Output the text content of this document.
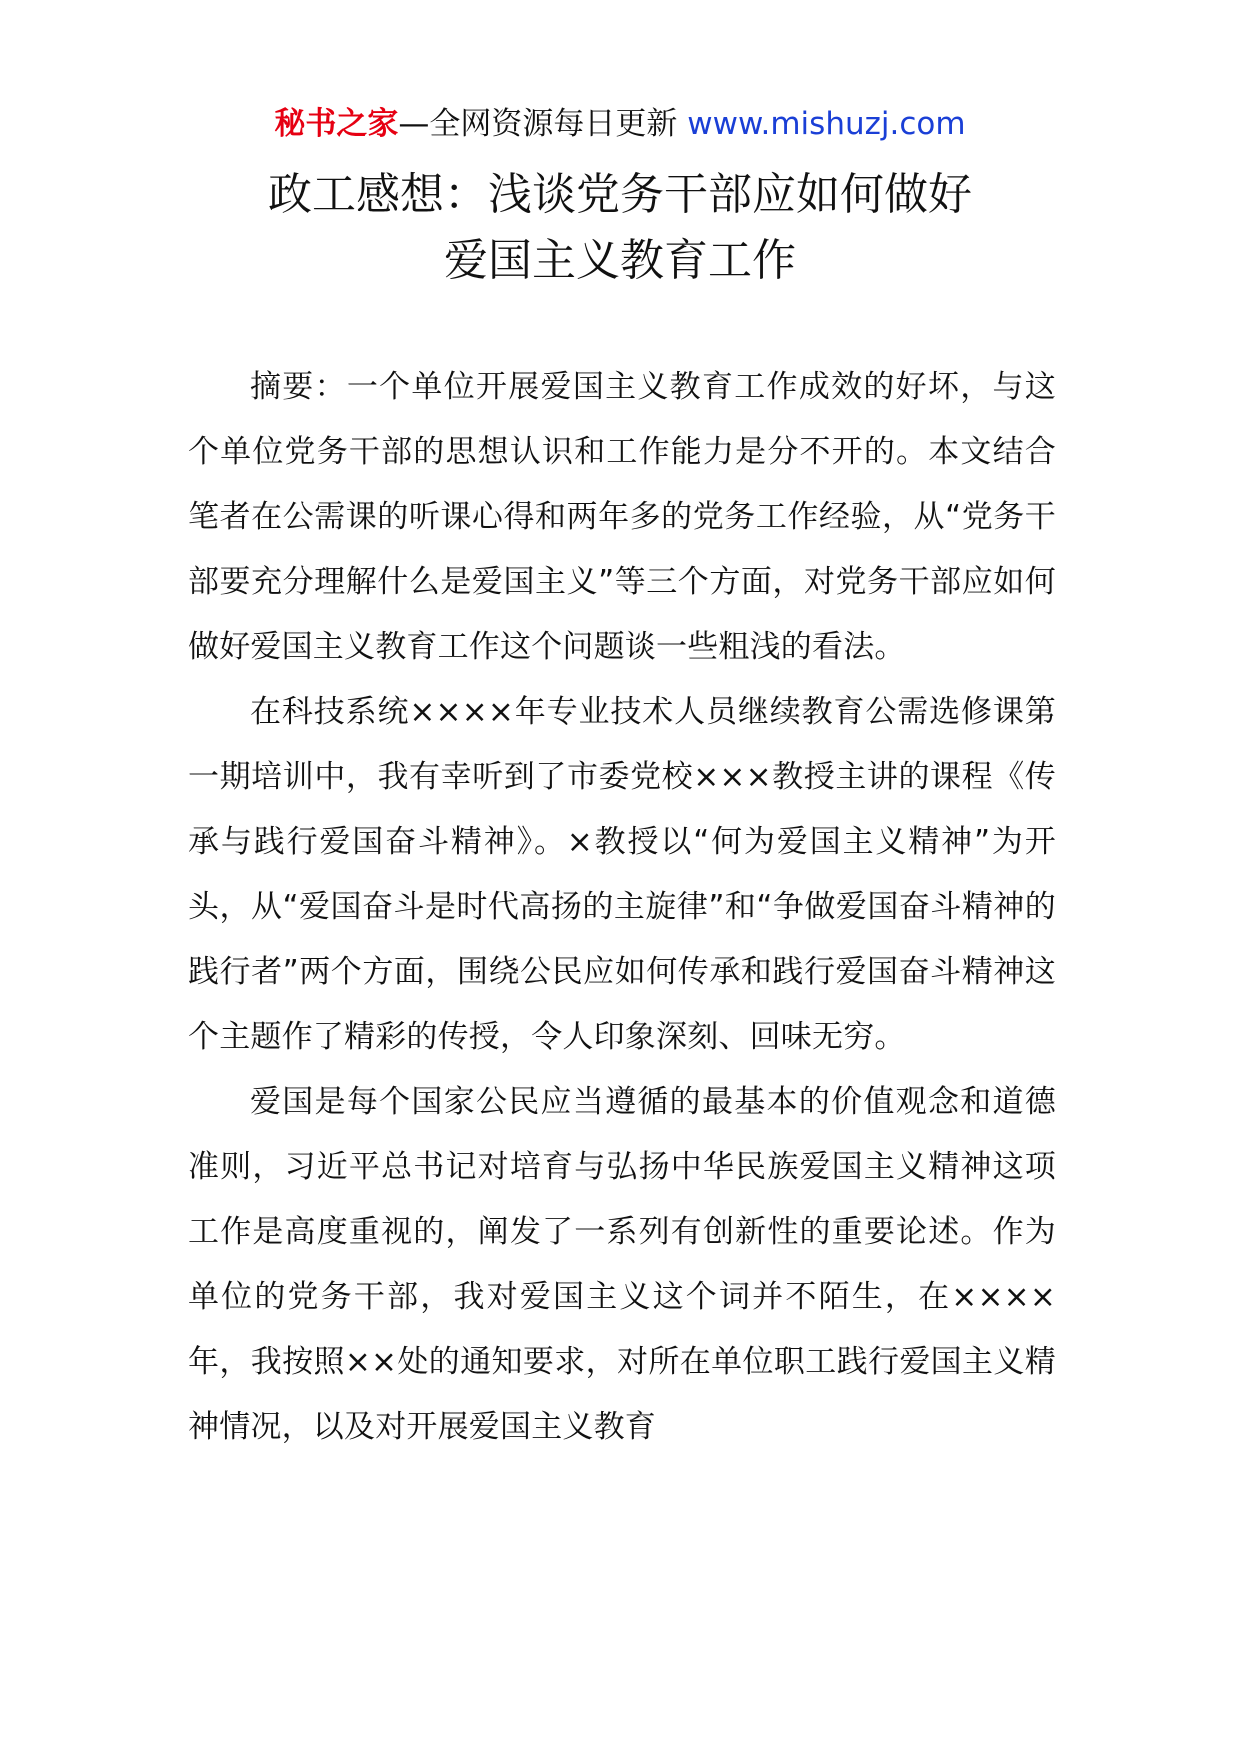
秘书之家—全网资源每日更新 www.mishuzj.com
政工感想：浅谈党务干部应如何做好
爱国主义教育工作

摘要：一个单位开展爱国主义教育工作成效的好坏，与这个单位党务干部的思想认识和工作能力是分不开的。本文结合笔者在公需课的听课心得和两年多的党务工作经验，从“党务干部要充分理解什么是爱国主义”等三个方面，对党务干部应如何做好爱国主义教育工作这个问题谈一些粗浅的看法。

在科技系统××××年专业技术人员继续教育公需选修课第一期培训中，我有幸听到了市委党校×××教授主讲的课程《传承与践行爱国奋斗精神》。×教授以“何为爱国主义精神”为开头，从“爱国奋斗是时代高扬的主旋律”和“争做爱国奋斗精神的践行者”两个方面，围绕公民应如何传承和践行爱国奋斗精神这个主题作了精彩的传授，令人印象深刻、回味无穷。

爱国是每个国家公民应当遵循的最基本的价值观念和道德准则，习近平总书记对培育与弘扬中华民族爱国主义精神这项工作是高度重视的，阐发了一系列有创新性的重要论述。作为单位的党务干部，我对爱国主义这个词并不陌生，在××××年，我按照××处的通知要求，对所在单位职工践行爱国主义精神情况，以及对开展爱国主义教育
